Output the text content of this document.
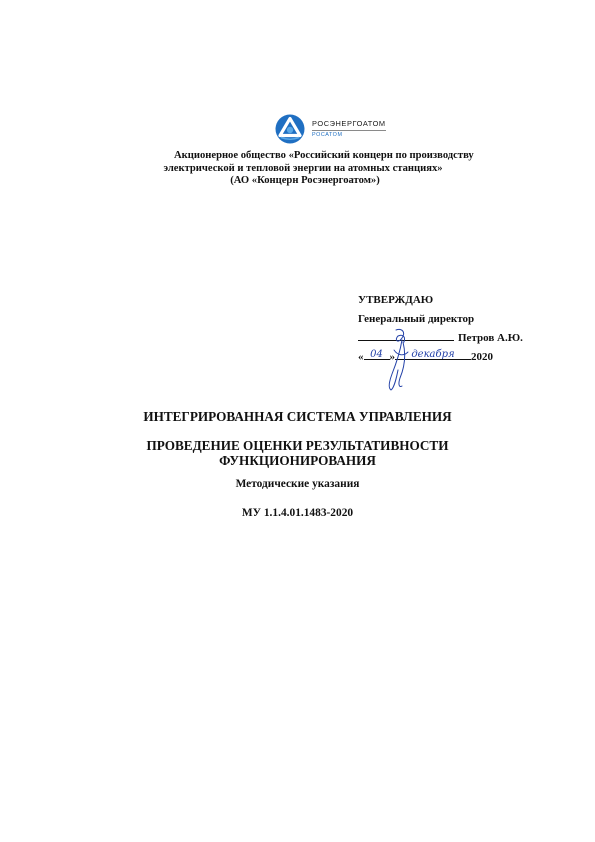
РОСЭНЕРГОАТОМ
РОСАТОМ
Акционерное общество «Российский концерн по производству
электрической и тепловой энергии на атомных станциях»
(АО «Концерн Росэнергоатом»)
УТВЕРЖДАЮ
Генеральный директор
Петров А.Ю.
« 04 »	декабря	2020
ИНТЕГРИРОВАННАЯ СИСТЕМА УПРАВЛЕНИЯ
ПРОВЕДЕНИЕ ОЦЕНКИ РЕЗУЛЬТАТИВНОСТИ
ФУНКЦИОНИРОВАНИЯ
Методические указания
МУ 1.1.4.01.1483-2020
